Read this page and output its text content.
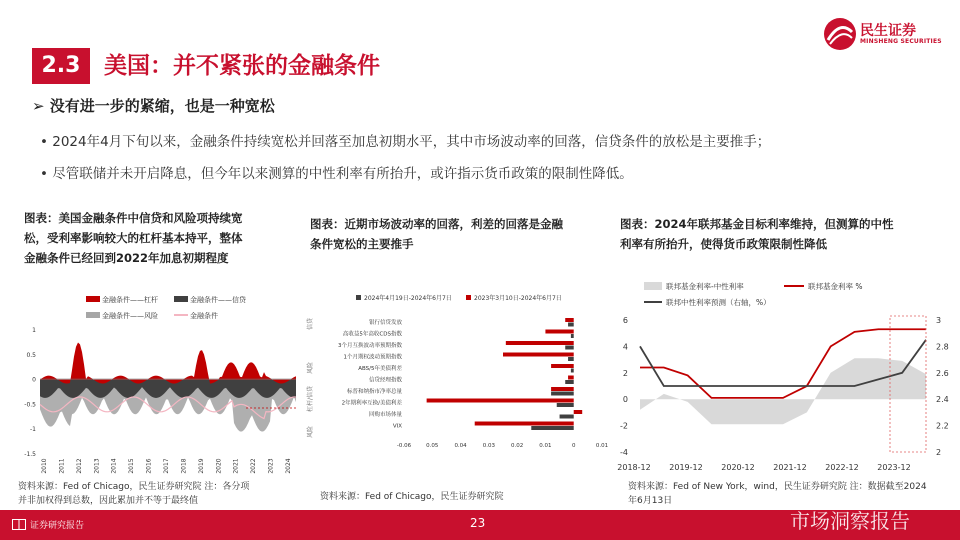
2.3	美国：并不紧张的金融条件
民生证券
MINSHENG SECURITIES
➢ 没有进一步的紧缩，也是一种宽松
• 2024年4月下旬以来，金融条件持续宽松并回落至加息初期水平，其中市场波动率的回落，信贷条件的放松是主要推手；
• 尽管联储并未开启降息，但今年以来测算的中性利率有所抬升，或许指示货币政策的限制性降低。
图表：美国金融条件中信贷和风险项持续宽
松，受利率影响较大的杠杆基本持平，整体
金融条件已经回到2022年加息初期程度
金融条件——杠杆	金融条件——信贷
金融条件——风险	金融条件
1
0.5
0
-0.5
-1
-1.5
2010 2011 2012 2013 2014 2015 2016 2017 2018 2019 2020 2021 2022 2023 2024
资料来源：Fed of Chicago，民生证券研究院 注：各分项
并非加权得到总数，因此累加并不等于最终值
图表：近期市场波动率的回落，利差的回落是金融
条件宽松的主要推手
2024年4月19日-2024年6月7日	2023年3月10日-2024年6月7日
信贷
风险
杠杆/信贷
风险
银行信贷发放
高收益5年高收CDS指数
3个月互换波动率预期指数
1个月期权波动预期指数
ABS/5年美债利差
信贷经理指数
标普和纳指市净率总量
2年期利率互换/美债利差
回购市场体量
VIX
-0.06	0.05	0.04	0.03	0.02	0.01	0	0.01
资料来源：Fed of Chicago，民生证券研究院
图表：2024年联邦基金目标利率维持，但测算的中性
利率有所抬升，使得货币政策限制性降低
联邦基金利率-中性利率	联邦基金利率 %
联邦中性利率预测（右轴，%）
6
4
2
0
-2
-4
3
2.8
2.6
2.4
2.2
2
2018-12 2019-12 2020-12 2021-12 2022-12 2023-12
资料来源：Fed of New York，wind，民生证券研究院 注：数据截至2024
年6月13日
证券研究报告	23	市场洞察报告
